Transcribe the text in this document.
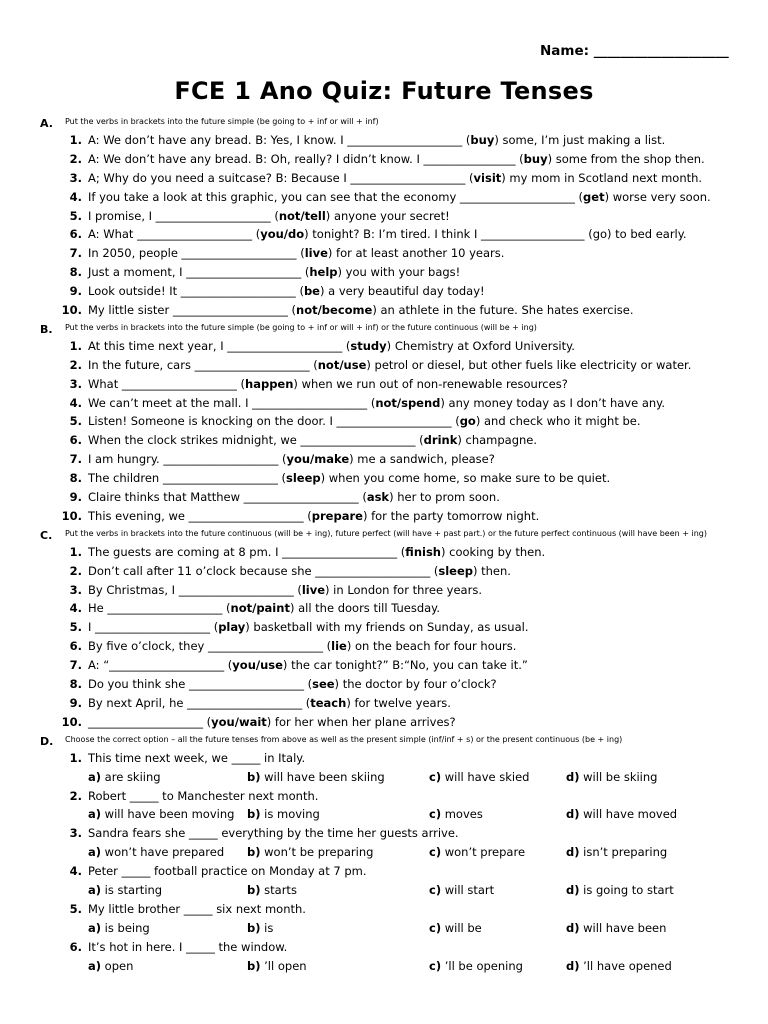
Name: ____________________
FCE 1 Ano Quiz: Future Tenses
A. Put the verbs in brackets into the future simple (be going to + inf or will + inf)
1. A: We don’t have any bread. B: Yes, I know. I ____________________ (buy) some, I’m just making a list.
2. A: We don’t have any bread. B: Oh, really? I didn’t know. I ________________ (buy) some from the shop then.
3. A; Why do you need a suitcase? B: Because I ____________________ (visit) my mom in Scotland next month.
4. If you take a look at this graphic, you can see that the economy ____________________ (get) worse very soon.
5. I promise, I ____________________ (not/tell) anyone your secret!
6. A: What ____________________ (you/do) tonight? B: I’m tired. I think I __________________ (go) to bed early.
7. In 2050, people ____________________ (live) for at least another 10 years.
8. Just a moment, I ____________________ (help) you with your bags!
9. Look outside! It ____________________ (be) a very beautiful day today!
10. My little sister ____________________ (not/become) an athlete in the future. She hates exercise.
B. Put the verbs in brackets into the future simple (be going to + inf or will + inf) or the future continuous (will be + ing)
1. At this time next year, I ____________________ (study) Chemistry at Oxford University.
2. In the future, cars ____________________ (not/use) petrol or diesel, but other fuels like electricity or water.
3. What ____________________ (happen) when we run out of non-renewable resources?
4. We can’t meet at the mall. I ____________________ (not/spend) any money today as I don’t have any.
5. Listen! Someone is knocking on the door. I ____________________ (go) and check who it might be.
6. When the clock strikes midnight, we ____________________ (drink) champagne.
7. I am hungry. ____________________ (you/make) me a sandwich, please?
8. The children ____________________ (sleep) when you come home, so make sure to be quiet.
9. Claire thinks that Matthew ____________________ (ask) her to prom soon.
10. This evening, we ____________________ (prepare) for the party tomorrow night.
C. Put the verbs in brackets into the future continuous (will be + ing), future perfect (will have + past part.) or the future perfect continuous (will have been + ing)
1. The guests are coming at 8 pm. I ____________________ (finish) cooking by then.
2. Don’t call after 11 o’clock because she ____________________ (sleep) then.
3. By Christmas, I ____________________ (live) in London for three years.
4. He ____________________ (not/paint) all the doors till Tuesday.
5. I ____________________ (play) basketball with my friends on Sunday, as usual.
6. By five o’clock, they ____________________ (lie) on the beach for four hours.
7. A: “____________________ (you/use) the car tonight?” B:“No, you can take it.”
8. Do you think she ____________________ (see) the doctor by four o’clock?
9. By next April, he ____________________ (teach) for twelve years.
10. ____________________ (you/wait) for her when her plane arrives?
D. Choose the correct option – all the future tenses from above as well as the present simple (inf/inf + s) or the present continuous (be + ing)
1. This time next week, we _____ in Italy.
a) are skiing	b) will have been skiing	c) will have skied	d) will be skiing
2. Robert _____ to Manchester next month.
a) will have been moving b) is moving	c) moves	d) will have moved
3. Sandra fears she _____ everything by the time her guests arrive.
a) won’t have prepared b) won’t be preparing	c) won’t prepare	d) isn’t preparing
4. Peter _____ football practice on Monday at 7 pm.
a) is starting	b) starts	c) will start	d) is going to start
5. My little brother _____ six next month.
a) is being	b) is	c) will be	d) will have been
6. It’s hot in here. I _____ the window.
a) open	b) ’ll open	c) ’ll be opening	d) ’ll have opened
